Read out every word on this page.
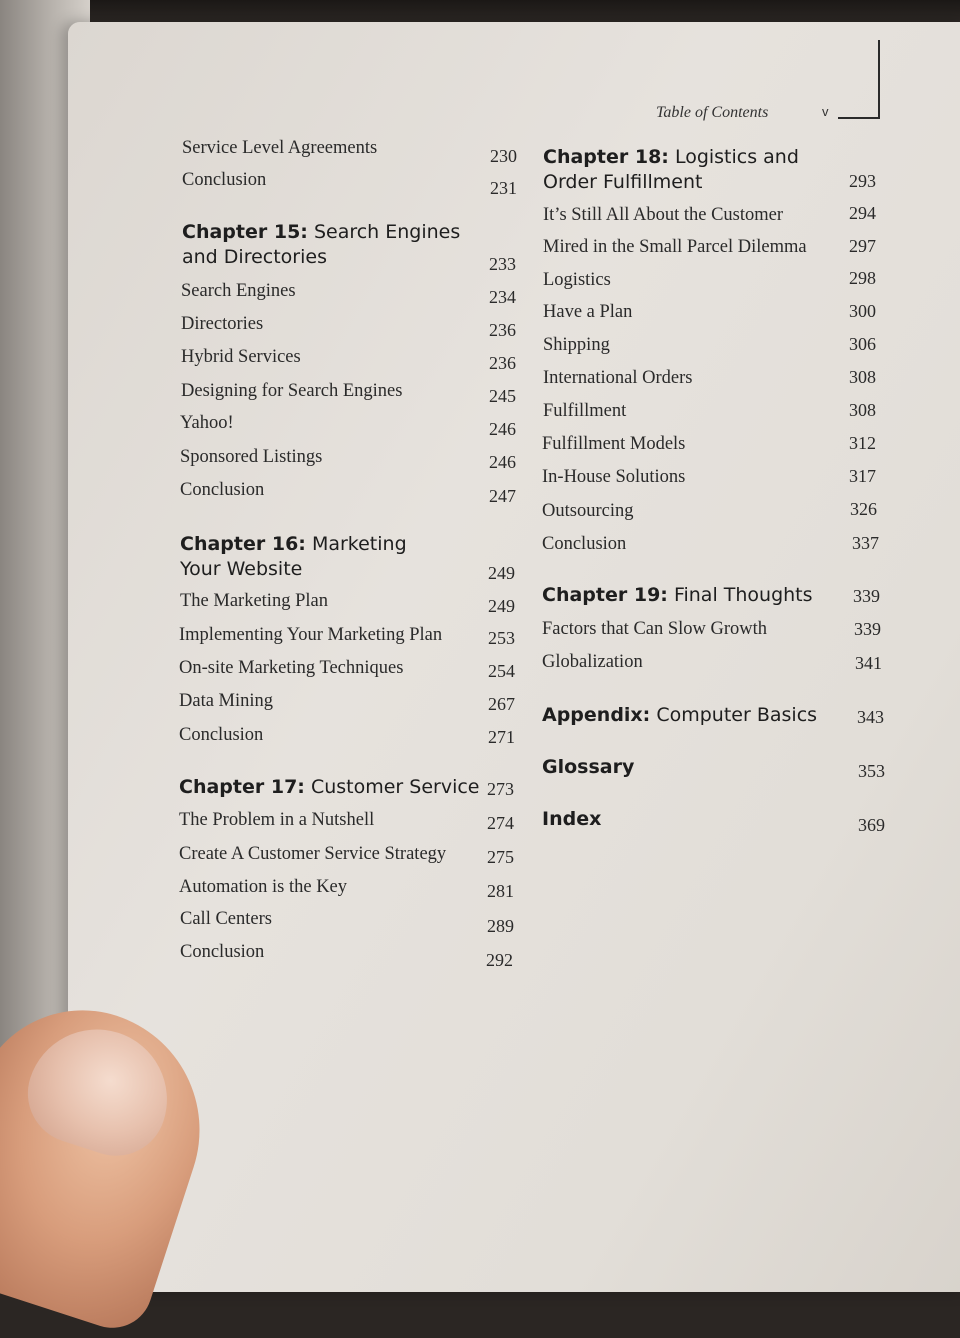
Table of Contents	v
Service Level Agreements	230
Conclusion	231
Chapter 15: Search Engines
and Directories	233
Search Engines	234
Directories	236
Hybrid Services	236
Designing for Search Engines	245
Yahoo!	246
Sponsored Listings	246
Conclusion	247
Chapter 16: Marketing
Your Website	249
The Marketing Plan	249
Implementing Your Marketing Plan	253
On-site Marketing Techniques	254
Data Mining	267
Conclusion	271
Chapter 17: Customer Service 273
The Problem in a Nutshell	274
Create A Customer Service Strategy 275
Automation is the Key	281
Call Centers	289
Conclusion	292
Chapter 18: Logistics and
Order Fulfillment	293
It’s Still All About the Customer	294
Mired in the Small Parcel Dilemma 297
Logistics	298
Have a Plan	300
Shipping	306
International Orders	308
Fulfillment	308
Fulfillment Models	312
In-House Solutions	317
Outsourcing	326
Conclusion	337
Chapter 19: Final Thoughts 339
Factors that Can Slow Growth	339
Globalization	341
Appendix: Computer Basics 343
Glossary	353
Index	369
